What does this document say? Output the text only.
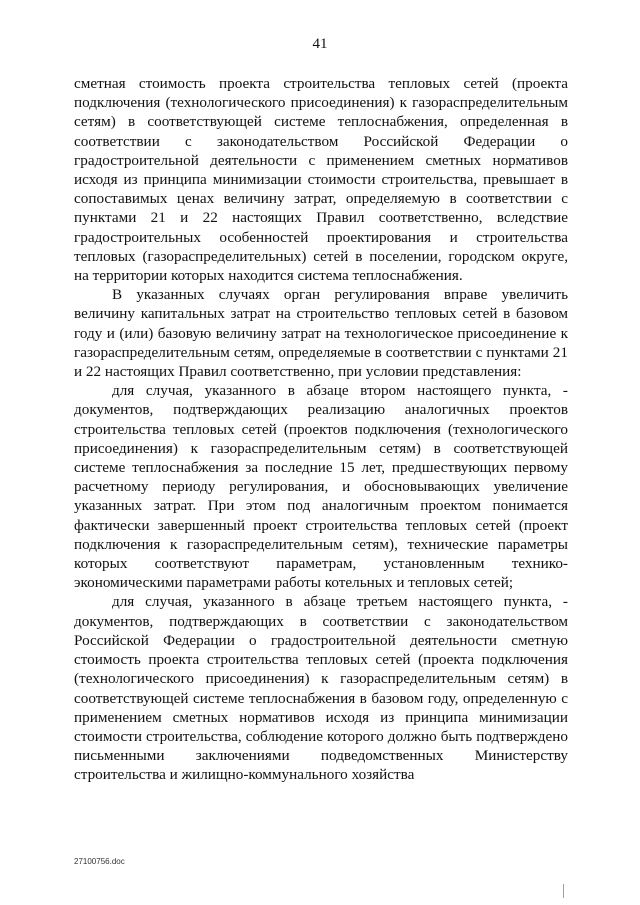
41

сметная стоимость проекта строительства тепловых сетей (проекта подключения (технологического присоединения) к газораспределительным сетям) в соответствующей системе теплоснабжения, определенная в соответствии с законодательством Российской Федерации о градостроительной деятельности с применением сметных нормативов исходя из принципа минимизации стоимости строительства, превышает в сопоставимых ценах величину затрат, определяемую в соответствии с пунктами 21 и 22 настоящих Правил соответственно, вследствие градостроительных особенностей проектирования и строительства тепловых (газораспределительных) сетей в поселении, городском округе, на территории которых находится система теплоснабжения.

В указанных случаях орган регулирования вправе увеличить величину капитальных затрат на строительство тепловых сетей в базовом году и (или) базовую величину затрат на технологическое присоединение к газораспределительным сетям, определяемые в соответствии с пунктами 21 и 22 настоящих Правил соответственно, при условии представления:

для случая, указанного в абзаце втором настоящего пункта, - документов, подтверждающих реализацию аналогичных проектов строительства тепловых сетей (проектов подключения (технологического присоединения) к газораспределительным сетям) в соответствующей системе теплоснабжения за последние 15 лет, предшествующих первому расчетному периоду регулирования, и обосновывающих увеличение указанных затрат. При этом под аналогичным проектом понимается фактически завершенный проект строительства тепловых сетей (проект подключения к газораспределительным сетям), технические параметры которых соответствуют параметрам, установленным технико-экономическими параметрами работы котельных и тепловых сетей;

для случая, указанного в абзаце третьем настоящего пункта, - документов, подтверждающих в соответствии с законодательством Российской Федерации о градостроительной деятельности сметную стоимость проекта строительства тепловых сетей (проекта подключения (технологического присоединения) к газораспределительным сетям) в соответствующей системе теплоснабжения в базовом году, определенную с применением сметных нормативов исходя из принципа минимизации стоимости строительства, соблюдение которого должно быть подтверждено письменными заключениями подведомственных Министерству строительства и жилищно-коммунального хозяйства

27100756.doc
